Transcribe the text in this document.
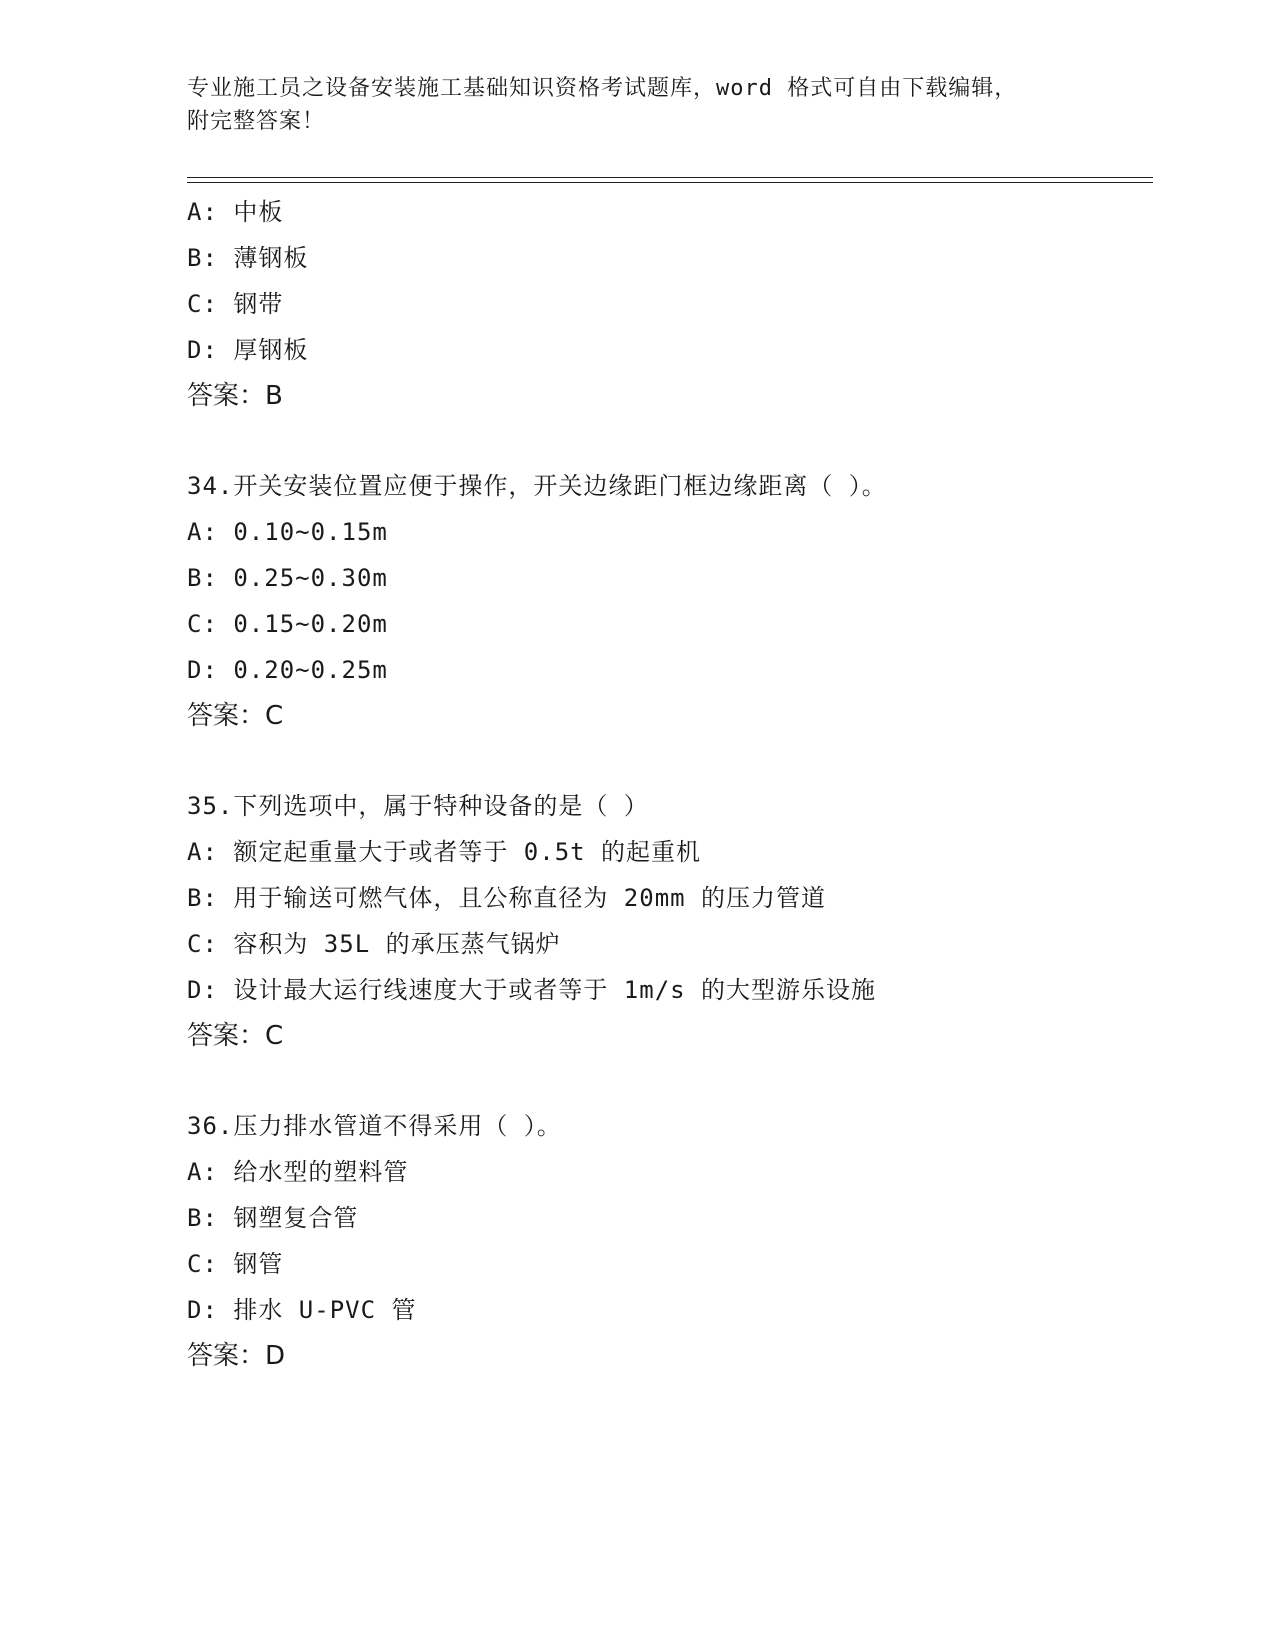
专业施工员之设备安装施工基础知识资格考试题库，word 格式可自由下载编辑，
附完整答案！
A: 中板
B: 薄钢板
C: 钢带
D: 厚钢板
答案：B
34.开关安装位置应便于操作，开关边缘距门框边缘距离（ ）。
A: 0.10~0.15m
B: 0.25~0.30m
C: 0.15~0.20m
D: 0.20~0.25m
答案：C
35.下列选项中，属于特种设备的是（ ）
A: 额定起重量大于或者等于 0.5t 的起重机
B: 用于输送可燃气体，且公称直径为 20mm 的压力管道
C: 容积为 35L 的承压蒸气锅炉
D: 设计最大运行线速度大于或者等于 1m/s 的大型游乐设施
答案：C
36.压力排水管道不得采用（ ）。
A: 给水型的塑料管
B: 钢塑复合管
C: 钢管
D: 排水 U-PVC 管
答案：D
